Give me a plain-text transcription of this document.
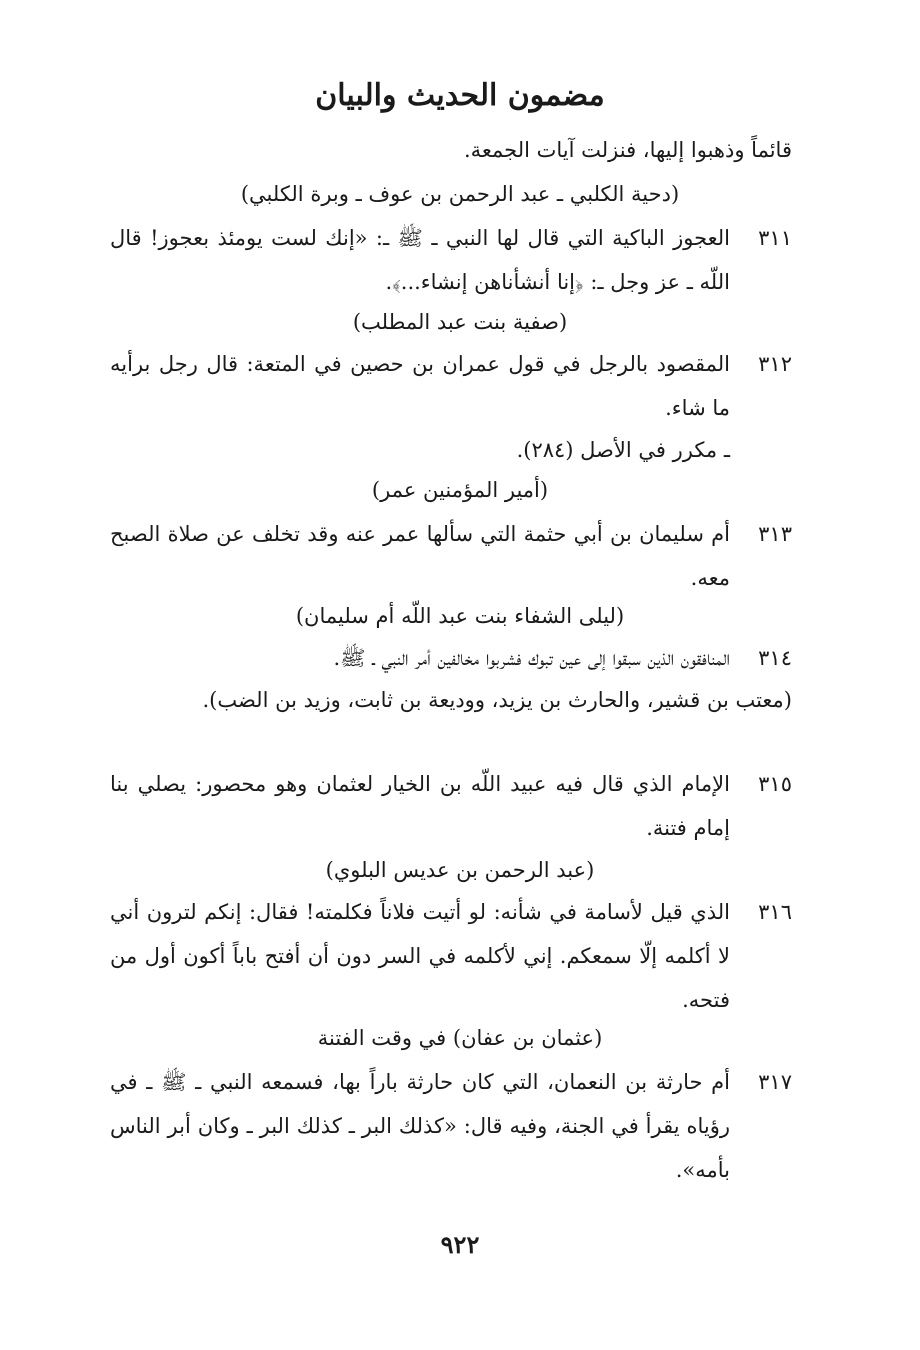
مضمون الحديث والبيان
قائماً وذهبوا إليها، فنزلت آيات الجمعة.
(دحية الكلبي ـ عبد الرحمن بن عوف ـ وبرة الكلبي)
٣١١
العجوز الباكية التي قال لها النبي ـ ﷺ ـ: «إنك لست يومئذ بعجوز! قال اللّه ـ عز وجل ـ: ﴿إنا أنشأناهن إنشاء...﴾.
(صفية بنت عبد المطلب)
٣١٢
المقصود بالرجل في قول عمران بن حصين في المتعة: قال رجل برأيه ما شاء.
ـ مكرر في الأصل (٢٨٤).
(أمير المؤمنين عمر)
٣١٣
أم سليمان بن أبي حثمة التي سألها عمر عنه وقد تخلف عن صلاة الصبح معه.
(ليلى الشفاء بنت عبد اللّه أم سليمان)
٣١٤
المنافقون الذين سبقوا إلى عين تبوك فشربوا مخالفين أمر النبي ـ ﷺ.
(معتب بن قشير، والحارث بن يزيد، ووديعة بن ثابت، وزيد بن الضب).
٣١٥
الإمام الذي قال فيه عبيد اللّه بن الخيار لعثمان وهو محصور: يصلي بنا إمام فتنة.
(عبد الرحمن بن عديس البلوي)
٣١٦
الذي قيل لأسامة في شأنه: لو أتيت فلاناً فكلمته! فقال: إنكم لترون أني لا أكلمه إلّا سمعكم. إني لأكلمه في السر دون أن أفتح باباً أكون أول من فتحه.
(عثمان بن عفان) في وقت الفتنة
٣١٧
أم حارثة بن النعمان، التي كان حارثة باراً بها، فسمعه النبي ـ ﷺ ـ في رؤياه يقرأ في الجنة، وفيه قال: «كذلك البر ـ كذلك البر ـ وكان أبر الناس بأمه».
٩٢٢
